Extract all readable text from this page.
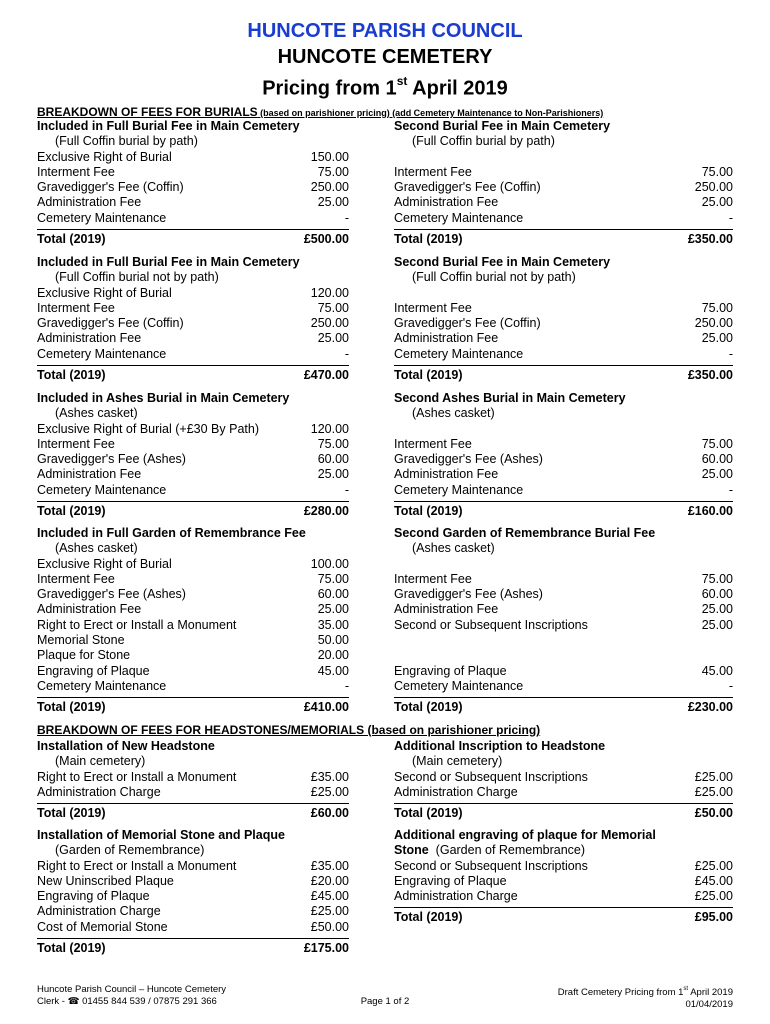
HUNCOTE PARISH COUNCIL
HUNCOTE CEMETERY
Pricing from 1st April 2019
BREAKDOWN OF FEES FOR BURIALS (based on parishioner pricing) (add Cemetery Maintenance to Non-Parishioners)
BREAKDOWN OF FEES FOR HEADSTONES/MEMORIALS (based on parishioner pricing)
Included in Full Burial Fee in Main Cemetery
(Full Coffin burial by path)
Exclusive Right of Burial	150.00
Interment Fee	75.00
Gravedigger's Fee (Coffin)	250.00
Administration Fee	25.00
Cemetery Maintenance	-
Total (2019)	£500.00
Second Burial Fee in Main Cemetery
(Full Coffin burial by path)
Interment Fee	75.00
Gravedigger's Fee (Coffin)	250.00
Administration Fee	25.00
Cemetery Maintenance	-
Total (2019)	£350.00
Included in Full Burial Fee in Main Cemetery
(Full Coffin burial not by path)
Exclusive Right of Burial	120.00
Interment Fee	75.00
Gravedigger's Fee (Coffin)	250.00
Administration Fee	25.00
Cemetery Maintenance	-
Total (2019)	£470.00
Second Burial Fee in Main Cemetery
(Full Coffin burial not by path)
Interment Fee	75.00
Gravedigger's Fee (Coffin)	250.00
Administration Fee	25.00
Cemetery Maintenance	-
Total (2019)	£350.00
Included in Ashes Burial in Main Cemetery
(Ashes casket)
Exclusive Right of Burial (+£30 By Path)	120.00
Interment Fee	75.00
Gravedigger's Fee (Ashes)	60.00
Administration Fee	25.00
Cemetery Maintenance	-
Total (2019)	£280.00
Second Ashes Burial in Main Cemetery
(Ashes casket)
Interment Fee	75.00
Gravedigger's Fee (Ashes)	60.00
Administration Fee	25.00
Cemetery Maintenance	-
Total (2019)	£160.00
Included in Full Garden of Remembrance Fee
(Ashes casket)
Exclusive Right of Burial	100.00
Interment Fee	75.00
Gravedigger's Fee (Ashes)	60.00
Administration Fee	25.00
Right to Erect or Install a Monument	35.00
Memorial Stone	50.00
Plaque for Stone	20.00
Engraving of Plaque	45.00
Cemetery Maintenance	-
Total (2019)	£410.00
Second Garden of Remembrance Burial Fee
(Ashes casket)
Interment Fee	75.00
Gravedigger's Fee (Ashes)	60.00
Administration Fee	25.00
Second or Subsequent Inscriptions	25.00
Engraving of Plaque	45.00
Cemetery Maintenance	-
Total (2019)	£230.00
Installation of New Headstone
(Main cemetery)
Right to Erect or Install a Monument	£35.00
Administration Charge	£25.00
Total (2019)	£60.00
Additional Inscription to Headstone
(Main cemetery)
Second or Subsequent Inscriptions	£25.00
Administration Charge	£25.00
Total (2019)	£50.00
Installation of Memorial Stone and Plaque
(Garden of Remembrance)
Right to Erect or Install a Monument	£35.00
New Uninscribed Plaque	£20.00
Engraving of Plaque	£45.00
Administration Charge	£25.00
Cost of Memorial Stone	£50.00
Total (2019)	£175.00
Additional engraving of plaque for Memorial
Stone  (Garden of Remembrance)
Second or Subsequent Inscriptions	£25.00
Engraving of Plaque	£45.00
Administration Charge	£25.00
Total (2019)	£95.00
Huncote Parish Council – Huncote Cemetery
Clerk - ☎ 01455 844 539 / 07875 291 366	Page 1 of 2
Draft Cemetery Pricing from 1st April 2019
01/04/2019
